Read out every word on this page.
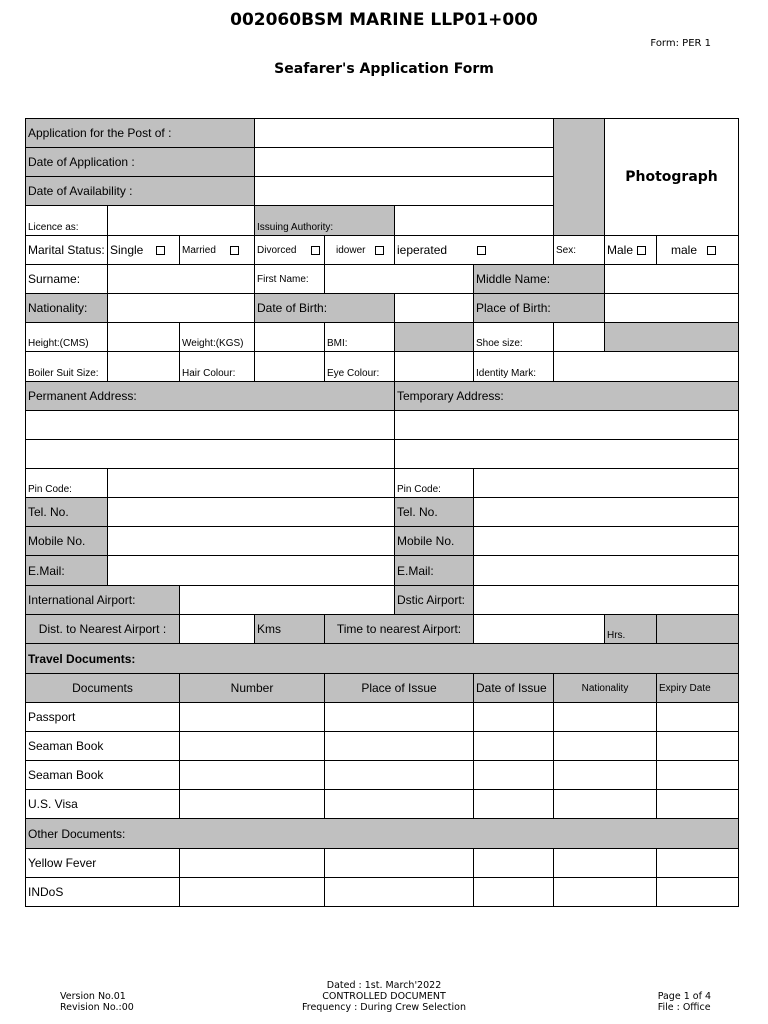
002060BSM MARINE LLP01+000
Form: PER 1
Seafarer's Application Form
Application for the Post of :
Date of Application :
Date of Availability :
Photograph
Licence as:	Issuing Authority:
Marital Status: Single	Married	Divorced	idower	ieperated	Sex:	Male	male
Surname:	First Name:	Middle Name:
Nationality:	Date of Birth:	Place of Birth:
Height:(CMS)	Weight:(KGS)	BMI:	Shoe size:
Boiler Suit Size:	Hair Colour:	Eye Colour:	Identity Mark:
Permanent Address:	Temporary Address:
Pin Code:	Pin Code:
Tel. No.	Tel. No.
Mobile No.	Mobile No.
E.Mail:	E.Mail:
International Airport:	Dstic Airport:
Dist. to Nearest Airport :	Kms	Time to nearest Airport:	Hrs.
Travel Documents:
Documents	Number	Place of Issue	Date of Issue	Nationality	Expiry Date
Passport
Seaman Book
Seaman Book
U.S. Visa
Other Documents:
Yellow Fever
INDoS
Version No.01
Revision No.:00
Dated : 1st. March'2022
CONTROLLED DOCUMENT
Frequency : During Crew Selection
Page 1 of 4
File : Office
